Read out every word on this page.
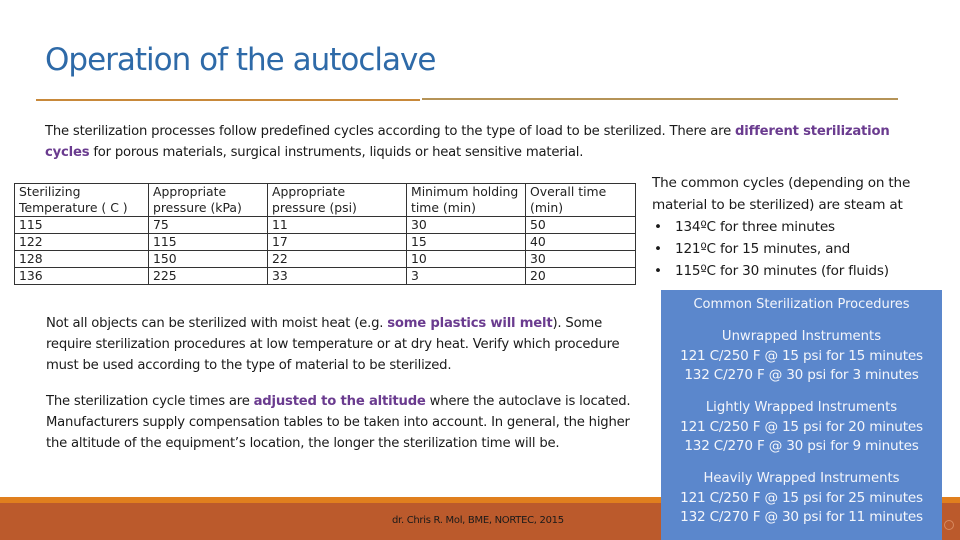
Operation of the autoclave
The sterilization processes follow predefined cycles according to the type of load to be sterilized. There are different sterilization cycles for porous materials, surgical instruments, liquids or heat sensitive material.
Sterilizing Temperature ( C )	Appropriate pressure (kPa)	Appropriate pressure (psi)	Minimum holding time (min)	Overall time (min)
115	75	11	30	50
122	115	17	15	40
128	150	22	10	30
136	225	33	3	20
The common cycles (depending on the material to be sterilized) are steam at
• 134ºC for three minutes
• 121ºC for 15 minutes, and
• 115ºC for 30 minutes (for fluids)
Not all objects can be sterilized with moist heat (e.g. some plastics will melt). Some require sterilization procedures at low temperature or at dry heat. Verify which procedure must be used according to the type of material to be sterilized.
The sterilization cycle times are adjusted to the altitude where the autoclave is located. Manufacturers supply compensation tables to be taken into account. In general, the higher the altitude of the equipment’s location, the longer the sterilization time will be.
dr. Chris R. Mol, BME, NORTEC, 2015
Common Sterilization Procedures
Unwrapped Instruments
121 C/250 F @ 15 psi for 15 minutes
132 C/270 F @ 30 psi for 3 minutes
Lightly Wrapped Instruments
121 C/250 F @ 15 psi for 20 minutes
132 C/270 F @ 30 psi for 9 minutes
Heavily Wrapped Instruments
121 C/250 F @ 15 psi for 25 minutes
132 C/270 F @ 30 psi for 11 minutes
